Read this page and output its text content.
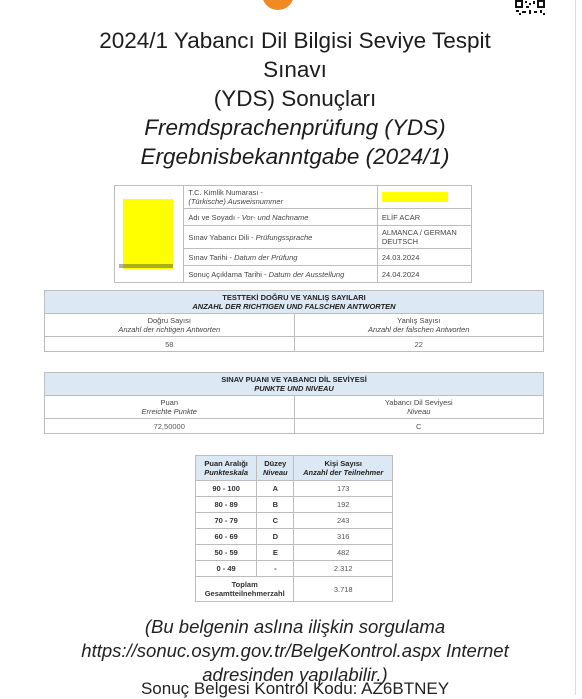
2024/1 Yabancı Dil Bilgisi Seviye Tespit
Sınavı
(YDS) Sonuçları
Fremdsprachenprüfung (YDS)
Ergebnisbekanntgabe (2024/1)
	T.C. Kimlik Numarası -
(Türkische) Ausweisnummer	
	Adı ve Soyadı - Vor- und Nachname	ELİF ACAR
	Sınav Yabancı Dili - Prüfungssprache	ALMANCA / GERMAN DEUTSCH
	Sınav Tarihi - Datum der Prüfung	24.03.2024
	Sonuç Açıklama Tarihi - Datum der Ausstellung	24.04.2024
TESTTEKİ DOĞRU VE YANLIŞ SAYILARI
ANZAHL DER RICHTIGEN UND FALSCHEN ANTWORTEN	
Doğru Sayısı
Anzahl der richtigen Antworten	Yanlış Sayısı
Anzahl der falschen Antworten
58	22
SINAV PUANI VE YABANCI DİL SEVİYESİ
PUNKTE UND NIVEAU	
Puan
Erreichte Punkte	Yabancı Dil Seviyesi
Niveau
72,50000	C
Puan Aralığı
Punkteskala	Düzey
Niveau	Kişi Sayısı
Anzahl der Teilnehmer
90 - 100	A	173
80 - 89	B	192
70 - 79	C	243
60 - 69	D	316
50 - 59	E	482
0 - 49	-	2.312
Toplam
Gesamtteilnehmerzahl		3.718
(Bu belgenin aslına ilişkin sorgulama
https://sonuc.osym.gov.tr/BelgeKontrol.aspx Internet
adresinden yapılabilir.)
Sonuç Belgesi Kontrol Kodu: AZ6BTNEY
